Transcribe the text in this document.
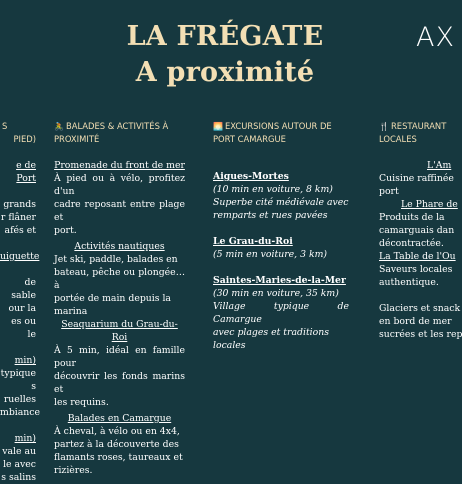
LA FRÉGATE
A proximité
AX

S

PIED)

e de Port

grands

r flâner

afés et

uiguette

de sable

our la

es ou le

min)

typique

s ruelles

mbiance

min)

vale au

le avec

s salins

🚴 BALADES & ACTIVITÉS À

PROXIMITÉ

Promenade du front de mer

À pied ou à vélo, profitez d'un

cadre reposant entre plage et

port.

Activités nautiques

Jet ski, paddle, balades en

bateau, pêche ou plongée… à

portée de main depuis la

marina

Seaquarium du Grau-du-Roi

À 5 min, idéal en famille pour

découvrir les fonds marins et

les requins.

Balades en Camargue

À cheval, à vélo ou en 4x4,

partez à la découverte des

flamants roses, taureaux et

rizières.

🌅 EXCURSIONS AUTOUR DE

PORT CAMARGUE

Aigues-Mortes

(10 min en voiture, 8 km)

Superbe cité médiévale avec

remparts et rues pavées

Le Grau-du-Roi

(5 min en voiture, 3 km)

Saintes-Maries-de-la-Mer

(30 min en voiture, 35 km)

Village typique de Camargue

avec plages et traditions locales

🍴 RESTAURANT

LOCALES

L'Am

Cuisine raffinée

port

Le Phare de

Produits de la

camarguais dan

décontractée.

La Table de l'Ou

Saveurs locales

authentique.

Glaciers et snack

en bord de mer

sucrées et les rep
